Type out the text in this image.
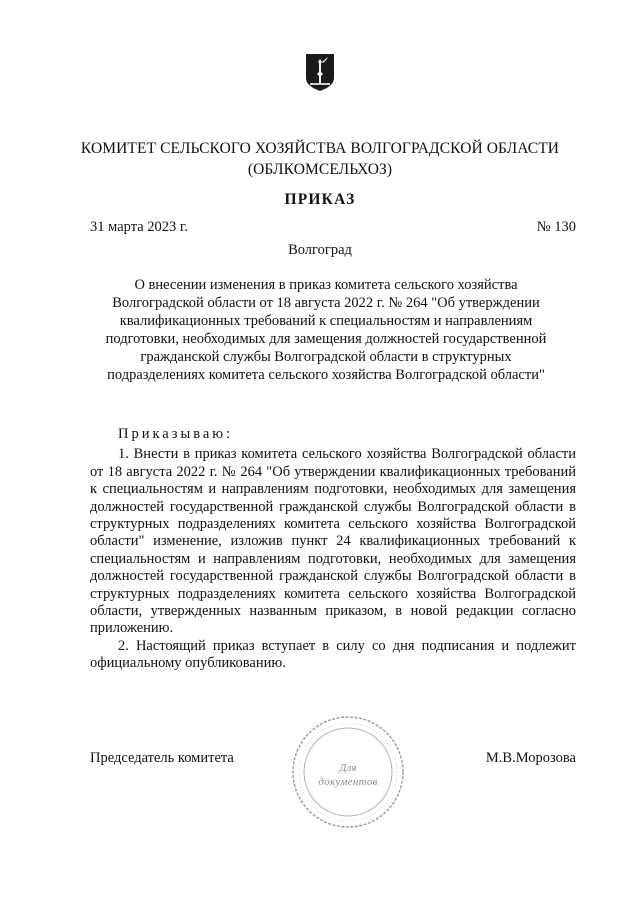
КОМИТЕТ СЕЛЬСКОГО ХОЗЯЙСТВА ВОЛГОГРАДСКОЙ ОБЛАСТИ
(ОБЛКОМСЕЛЬХОЗ)
ПРИКАЗ
31 марта 2023 г.	№ 130
Волгоград
О внесении изменения в приказ комитета сельского хозяйства Волгоградской области от 18 августа 2022 г. № 264 "Об утверждении квалификационных требований к специальностям и направлениям подготовки, необходимых для замещения должностей государственной гражданской службы Волгоградской области в структурных подразделениях комитета сельского хозяйства Волгоградской области"
Приказываю:

1. Внести в приказ комитета сельского хозяйства Волгоградской области от 18 августа 2022 г. № 264 "Об утверждении квалификационных требований к специальностям и направлениям подготовки, необходимых для замещения должностей государственной гражданской службы Волгоградской области в структурных подразделениях комитета сельского хозяйства Волгоградской области" изменение, изложив пункт 24 квалификационных требований к специальностям и направлениям подготовки, необходимых для замещения должностей государственной гражданской службы Волгоградской области в структурных подразделениях комитета сельского хозяйства Волгоградской области, утвержденных названным приказом, в новой редакции согласно приложению.

2. Настоящий приказ вступает в силу со дня подписания и подлежит официальному опубликованию.

Председатель комитета
Для
документов
М.В.Морозова
